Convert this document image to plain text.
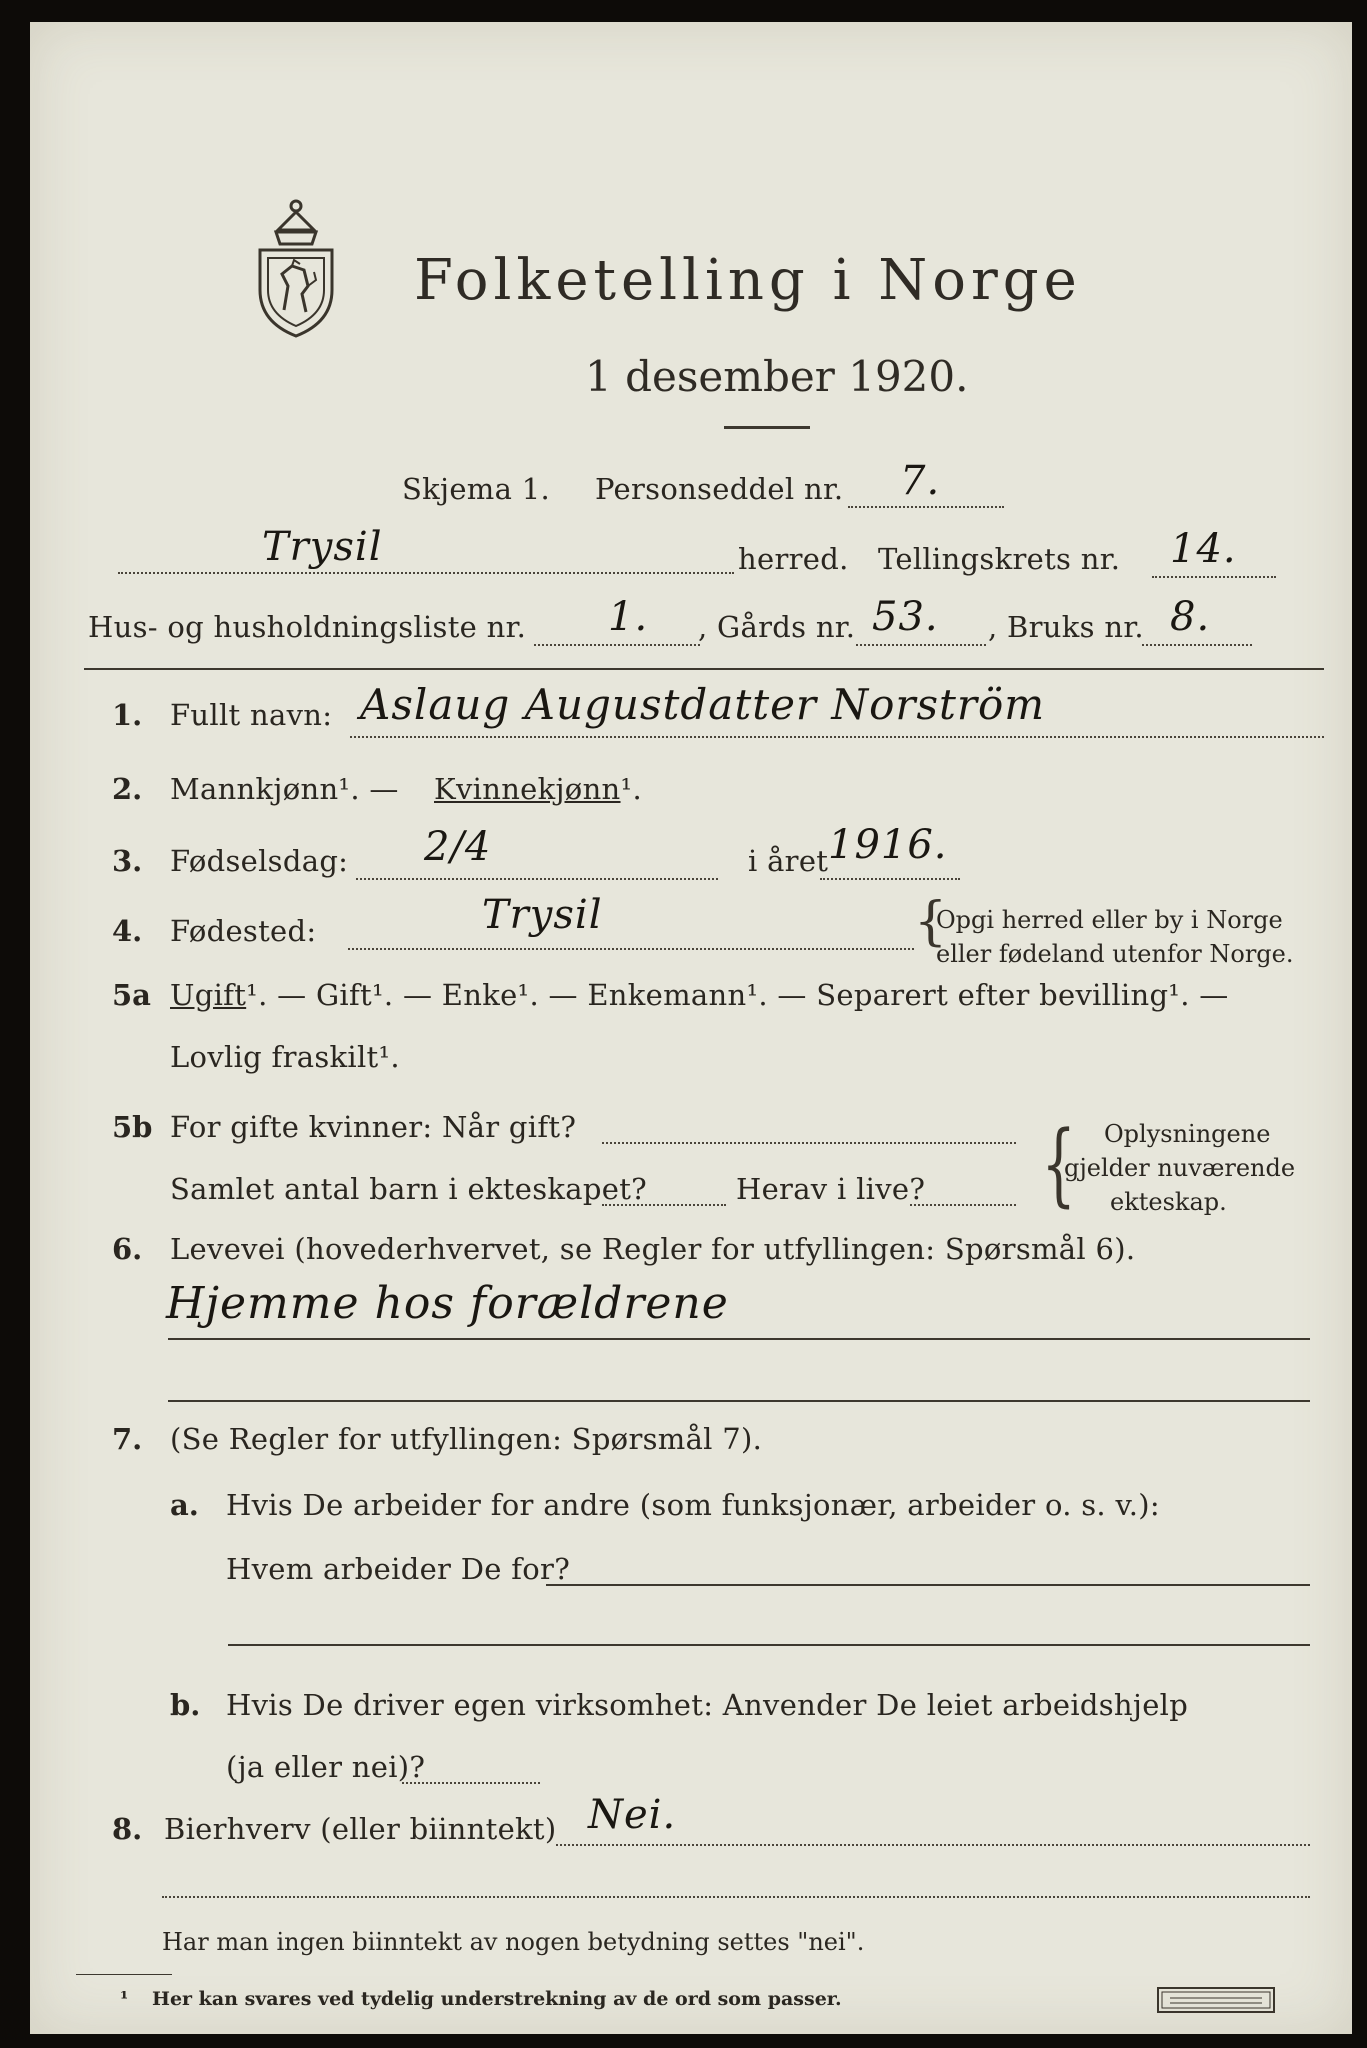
Folketelling i Norge
1 desember 1920.
Skjema 1. Personseddel nr. 7.
Trysil	herred. Tellingskrets nr. 14.
Hus- og husholdningsliste nr. 1. , Gårds nr. 53. , Bruks nr. 8.
1. Fullt navn: Aslaug Augustdatter Norström
2. Mannkjønn¹. — Kvinnekjønn¹.
3. Fødselsdag: 2/4	i året 1916.
4. Fødested:	Trysil	{
Opgi herred eller by i Norge
eller fødeland utenfor Norge.
5a Ugift¹. — Gift¹. — Enke¹. — Enkemann¹. — Separert efter bevilling¹. —
Lovlig fraskilt¹.
5b For gifte kvinner: Når gift?
Samlet antal barn i ekteskapet?	Herav i live? { Oplysningene
gjelder nuværende
ekteskap.
6. Levevei (hovederhvervet, se Regler for utfyllingen: Spørsmål 6).
Hjemme hos forældrene
7. (Se Regler for utfyllingen: Spørsmål 7).
a. Hvis De arbeider for andre (som funksjonær, arbeider o. s. v.):
Hvem arbeider De for?
b. Hvis De driver egen virksomhet: Anvender De leiet arbeidshjelp
(ja eller nei)?
8. Bierhverv (eller biinntekt) Nei.
Har man ingen biinntekt av nogen betydning settes "nei".
¹ Her kan svares ved tydelig understrekning av de ord som passer.
